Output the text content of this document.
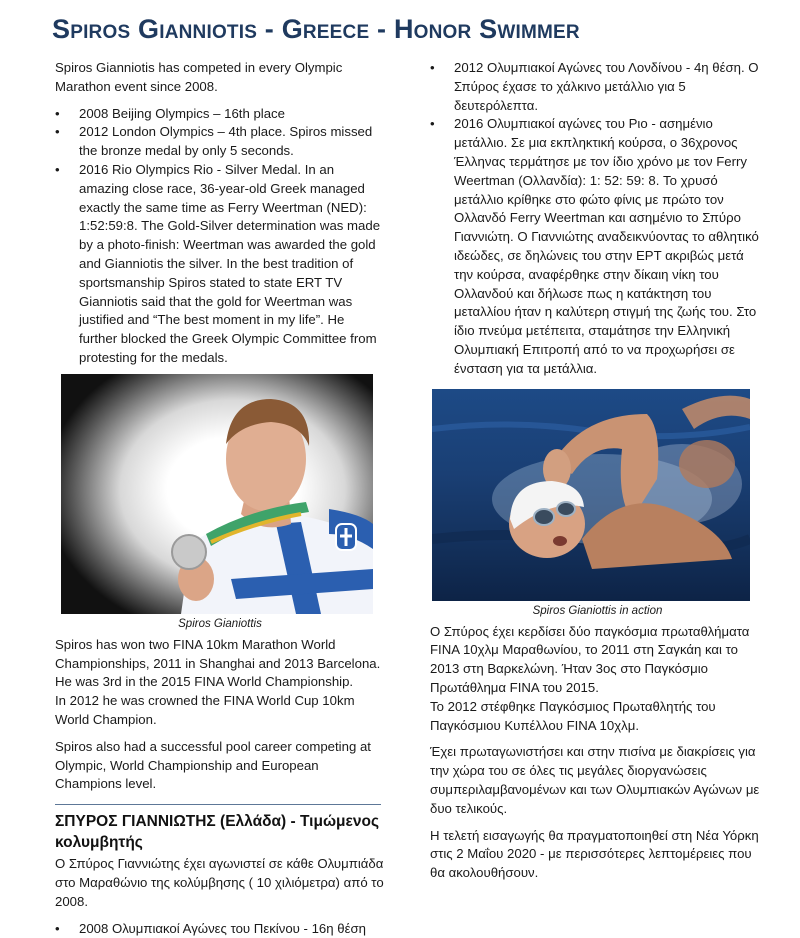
Spiros Gianniotis - Greece - Honor Swimmer

Spiros Gianniotis has competed in every Olympic Marathon event since 2008.

• 2008 Beijing Olympics – 16th place
• 2012 London Olympics – 4th place. Spiros missed the bronze medal by only 5 seconds.
• 2016 Rio Olympics Rio - Silver Medal. In an amazing close race, 36-year-old Greek managed exactly the same time as Ferry Weertman (NED): 1:52:59:8. The Gold-Silver determination was made by a photo-finish: Weertman was awarded the gold and Gianniotis the silver. In the best tradition of sportsmanship Spiros stated to state ERT TV Gianniotis said that the gold for Weertman was justified and “The best moment in my life”. He further blocked the Greek Olympic Committee from protesting for the medals.
Spiros Gianiottis

Spiros has won two FINA 10km Marathon World Championships, 2011 in Shanghai and 2013 Barcelona. He was 3rd in the 2015 FINA World Championship.

In 2012 he was crowned the FINA World Cup 10km World Champion.

Spiros also had a successful pool career competing at Olympic, World Championship and European Champions level.

ΣΠΥΡΟΣ ΓΙΑΝΝΙΩΤΗΣ (Ελλάδα) - Τιμώμενος κολυμβητής

Ο Σπύρος Γιαννιώτης έχει αγωνιστεί σε κάθε Ολυμπιάδα στο Μαραθώνιο της κολύμβησης ( 10 χιλιόμετρα) από το 2008.

• 2008 Ολυμπιακοί Αγώνες του Πεκίνου - 16η θέση
• 2012 Ολυμπιακοί Αγώνες του Λονδίνου - 4η θέση. Ο Σπύρος έχασε το χάλκινο μετάλλιο για 5 δευτερόλεπτα.
• 2016 Ολυμπιακοί αγώνες του Ριο - ασημένιο μετάλλιο. Σε μια εκπληκτική κούρσα, ο 36χρονος Έλληνας τερμάτησε με τον ίδιο χρόνο με τον Ferry Weertman (Ολλανδία): 1: 52: 59: 8. Το χρυσό μετάλλιο κρίθηκε στο φώτο φίνις με πρώτο τον Ολλανδό Ferry Weertman και ασημένιο το Σπύρο Γιαννιώτη. Ο Γιαννιώτης αναδεικνύοντας το αθλητικό ιδεώδες, σε δηλώνεις του στην ΕΡΤ ακριβώς μετά την κούρσα, αναφέρθηκε στην δίκαιη νίκη του Ολλανδού και δήλωσε πως η κατάκτηση του μεταλλίου ήταν η καλύτερη στιγμή της ζωής του. Στο ίδιο πνεύμα μετέπειτα, σταμάτησε την Ελληνική Ολυμπιακή Επιτροπή από το να προχωρήσει σε ένσταση για τα μετάλλια.
Spiros Gianiottis in action

Ο Σπύρος έχει κερδίσει δύο παγκόσμια πρωταθλήματα FINA 10χλμ Μαραθωνίου, το 2011 στη Σαγκάη και το 2013 στη Βαρκελώνη. Ήταν 3ος στο Παγκόσμιο Πρωτάθλημα FINA του 2015.

Το 2012 στέφθηκε Παγκόσμιος Πρωταθλητής του Παγκόσμιου Κυπέλλου FINA 10χλμ.

Έχει πρωταγωνιστήσει και στην πισίνα με διακρίσεις για την χώρα του σε όλες τις μεγάλες διοργανώσεις συμπεριλαμβανομένων και των Ολυμπιακών Αγώνων με δυο τελικούς.

Η τελετή εισαγωγής θα πραγματοποιηθεί στη Νέα Υόρκη στις 2 Μαΐου 2020 - με περισσότερες λεπτομέρειες που θα ακολουθήσουν.
